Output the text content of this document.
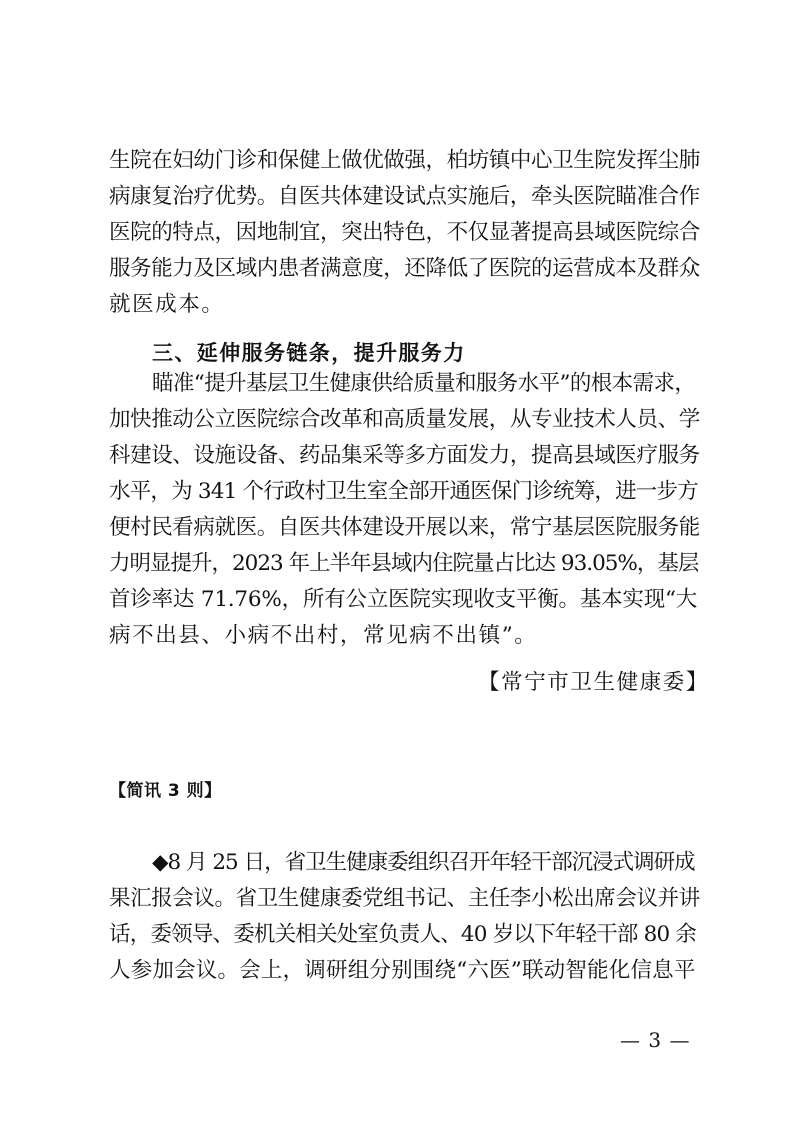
生院在妇幼门诊和保健上做优做强，柏坊镇中心卫生院发挥尘肺
病康复治疗优势。自医共体建设试点实施后，牵头医院瞄准合作
医院的特点，因地制宜，突出特色，不仅显著提高县域医院综合
服务能力及区域内患者满意度，还降低了医院的运营成本及群众
就医成本。
三、延伸服务链条，提升服务力
瞄准“提升基层卫生健康供给质量和服务水平”的根本需求，
加快推动公立医院综合改革和高质量发展，从专业技术人员、学
科建设、设施设备、药品集采等多方面发力，提高县域医疗服务
水平，为 341 个行政村卫生室全部开通医保门诊统筹，进一步方
便村民看病就医。自医共体建设开展以来，常宁基层医院服务能
力明显提升，2023 年上半年县域内住院量占比达 93.05%，基层
首诊率达 71.76%，所有公立医院实现收支平衡。基本实现“大
病不出县、小病不出村，常见病不出镇”。
【常宁市卫生健康委】
【简讯 3 则】
◆8 月 25 日，省卫生健康委组织召开年轻干部沉浸式调研成
果汇报会议。省卫生健康委党组书记、主任李小松出席会议并讲
话，委领导、委机关相关处室负责人、40 岁以下年轻干部 80 余
人参加会议。会上，调研组分别围绕“六医”联动智能化信息平
— 3 —
